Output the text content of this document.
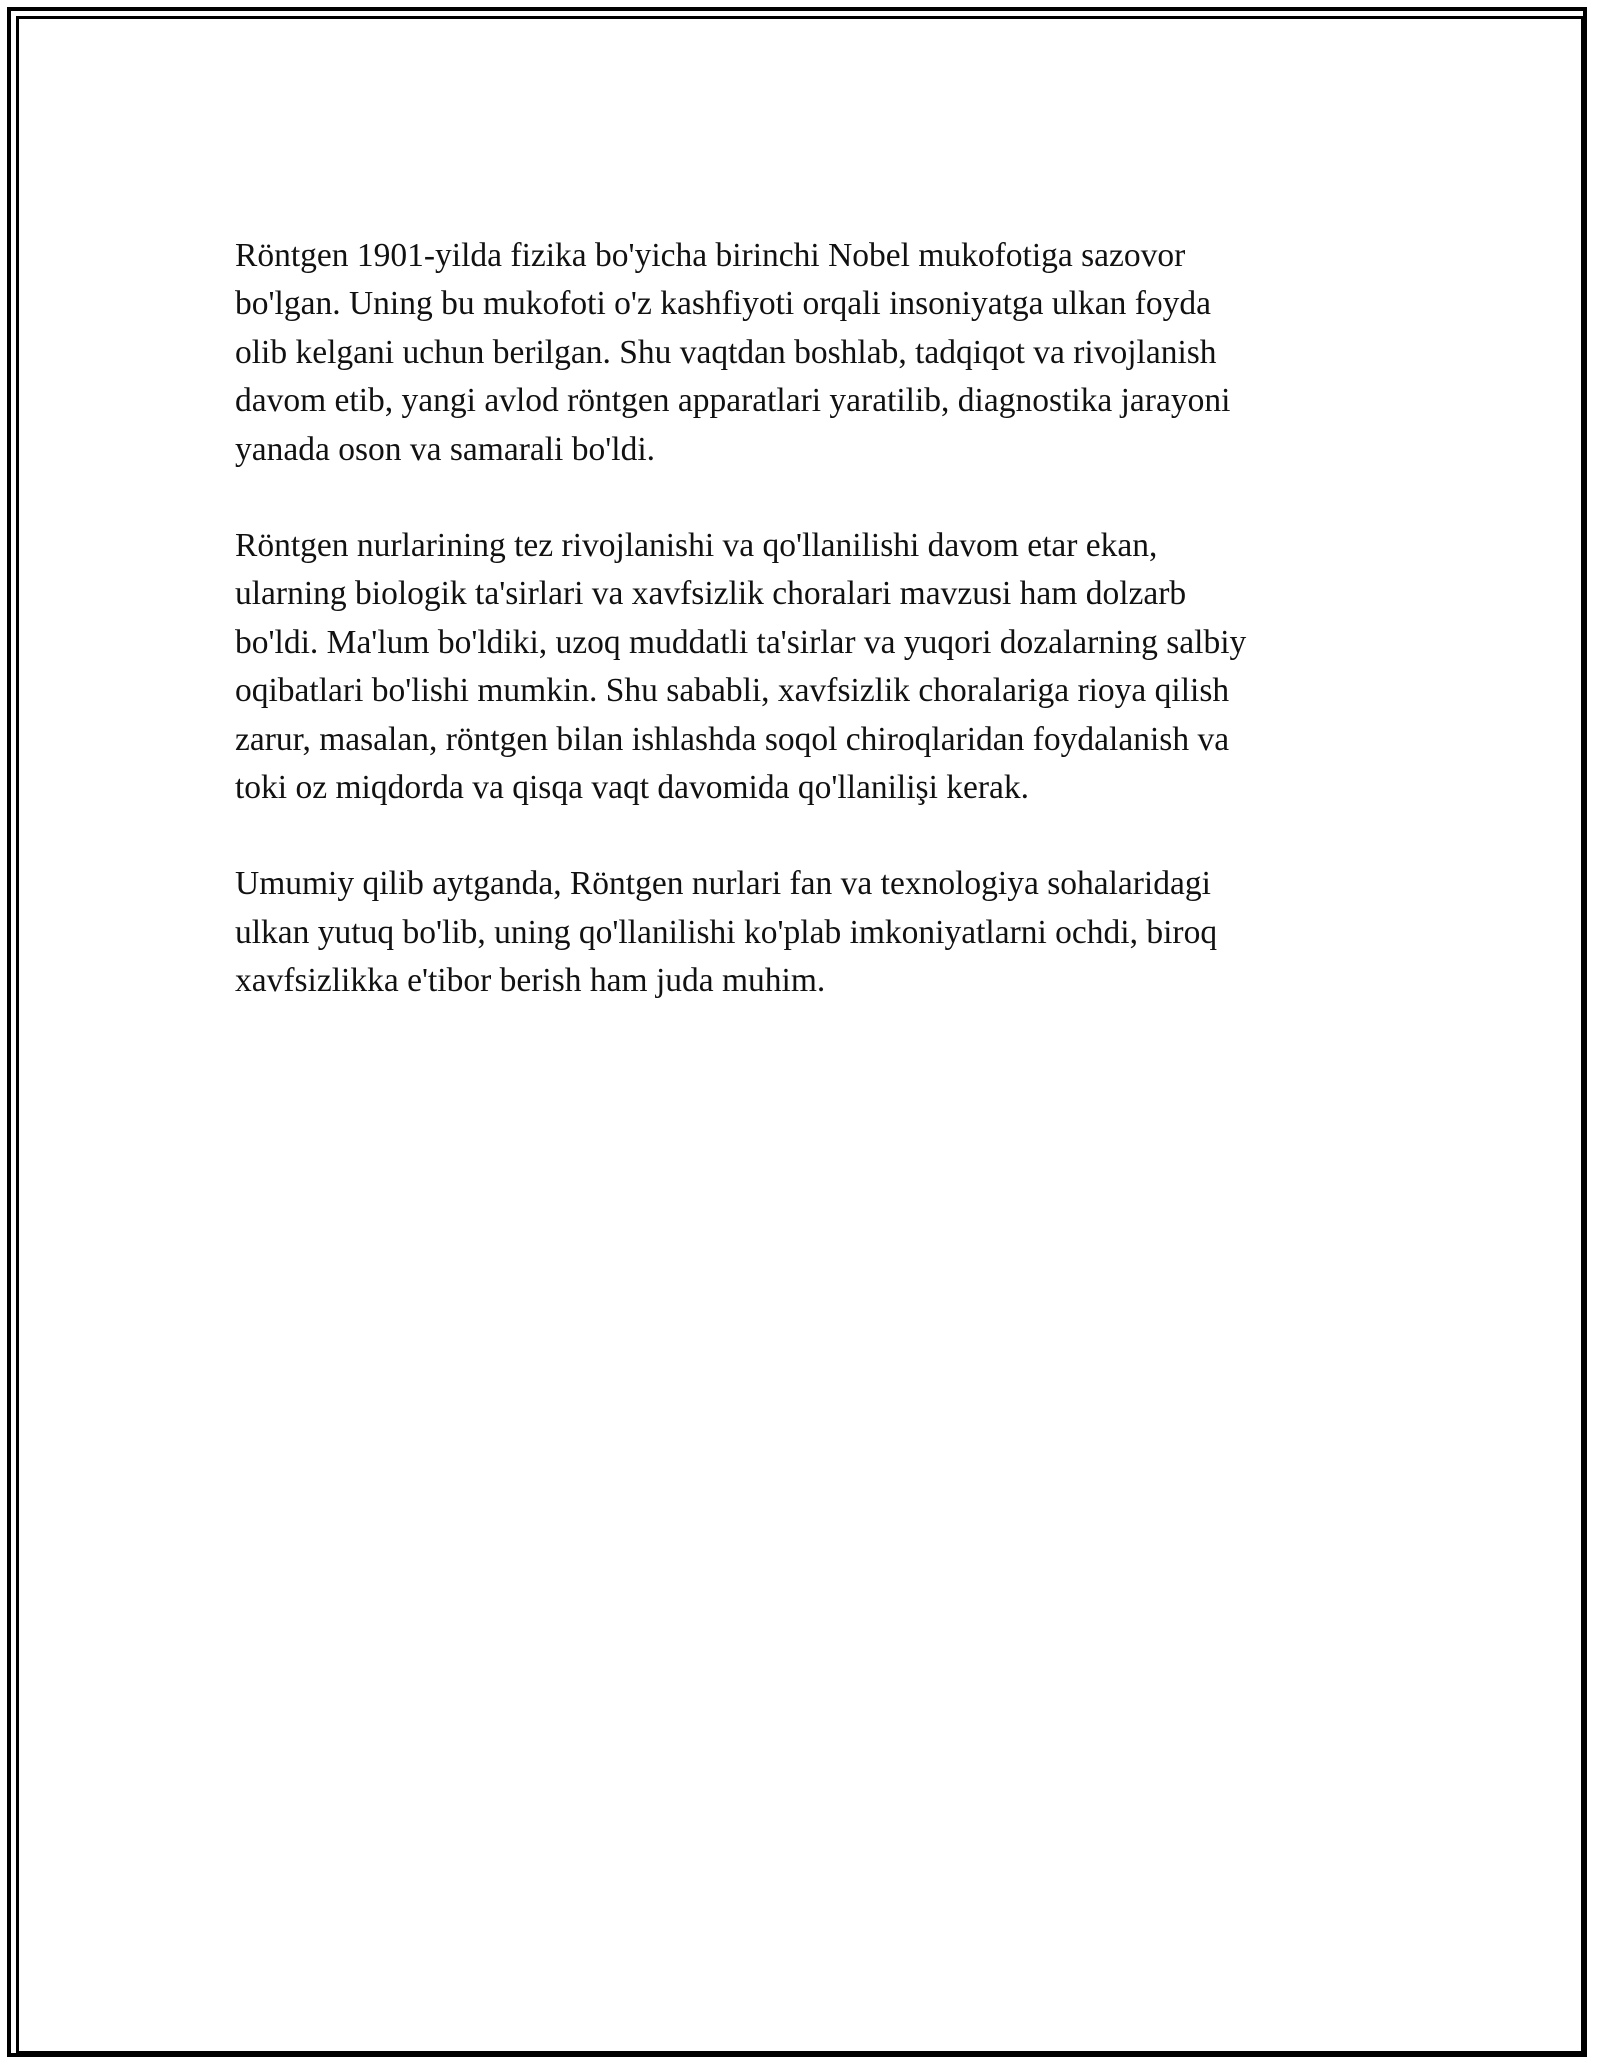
Röntgen 1901-yilda fizika bo'yicha birinchi Nobel mukofotiga sazovor
bo'lgan. Uning bu mukofoti o'z kashfiyoti orqali insoniyatga ulkan foyda
olib kelgani uchun berilgan. Shu vaqtdan boshlab, tadqiqot va rivojlanish
davom etib, yangi avlod röntgen apparatlari yaratilib, diagnostika jarayoni
yanada oson va samarali bo'ldi.

Röntgen nurlarining tez rivojlanishi va qo'llanilishi davom etar ekan,
ularning biologik ta'sirlari va xavfsizlik choralari mavzusi ham dolzarb
bo'ldi. Ma'lum bo'ldiki, uzoq muddatli ta'sirlar va yuqori dozalarning salbiy
oqibatlari bo'lishi mumkin. Shu sababli, xavfsizlik choralariga rioya qilish
zarur, masalan, röntgen bilan ishlashda soqol chiroqlaridan foydalanish va
toki oz miqdorda va qisqa vaqt davomida qo'llanilişi kerak.

Umumiy qilib aytganda, Röntgen nurlari fan va texnologiya sohalaridagi
ulkan yutuq bo'lib, uning qo'llanilishi ko'plab imkoniyatlarni ochdi, biroq
xavfsizlikka e'tibor berish ham juda muhim.
